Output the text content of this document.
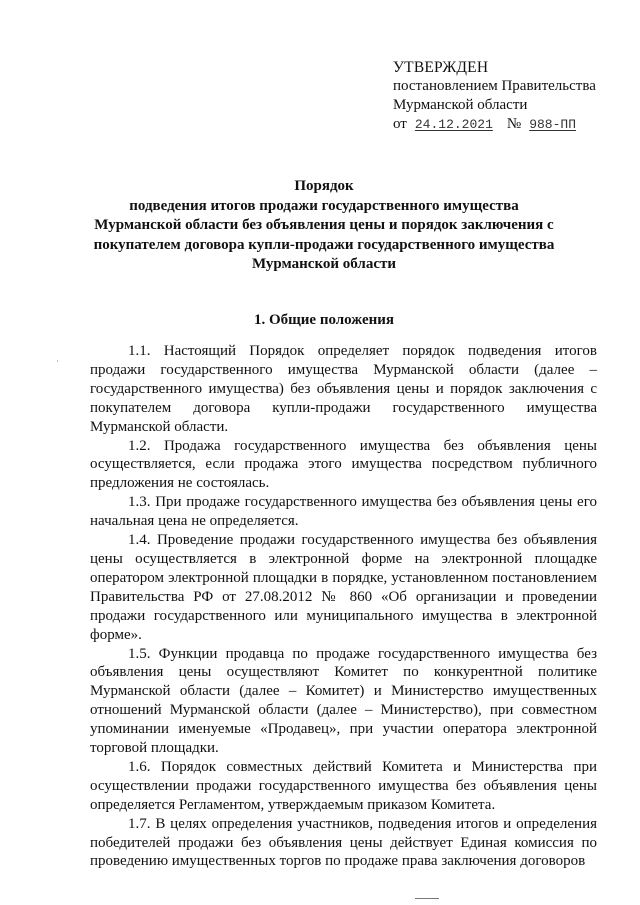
УТВЕРЖДЕН
постановлением Правительства
Мурманской области
от 24.12.2021 № 988-ПП
Порядок
подведения итогов продажи государственного имущества Мурманской области без объявления цены и порядок заключения с покупателем договора купли-продажи государственного имущества Мурманской области
1. Общие положения

1.1. Настоящий Порядок определяет порядок подведения итогов продажи государственного имущества Мурманской области (далее – государственного имущества) без объявления цены и порядок заключения с покупателем договора купли-продажи государственного имущества Мурманской области.

1.2. Продажа государственного имущества без объявления цены осуществляется, если продажа этого имущества посредством публичного предложения не состоялась.

1.3. При продаже государственного имущества без объявления цены его начальная цена не определяется.

1.4. Проведение продажи государственного имущества без объявления цены осуществляется в электронной форме на электронной площадке оператором электронной площадки в порядке, установленном постановлением Правительства РФ от 27.08.2012 № 860 «Об организации и проведении продажи государственного или муниципального имущества в электронной форме».

1.5. Функции продавца по продаже государственного имущества без объявления цены осуществляют Комитет по конкурентной политике Мурманской области (далее – Комитет) и Министерство имущественных отношений Мурманской области (далее – Министерство), при совместном упоминании именуемые «Продавец», при участии оператора электронной торговой площадки.

1.6. Порядок совместных действий Комитета и Министерства при осуществлении продажи государственного имущества без объявления цены определяется Регламентом, утверждаемым приказом Комитета.

1.7. В целях определения участников, подведения итогов и определения победителей продажи без объявления цены действует Единая комиссия по проведению имущественных торгов по продаже права заключения договоров
